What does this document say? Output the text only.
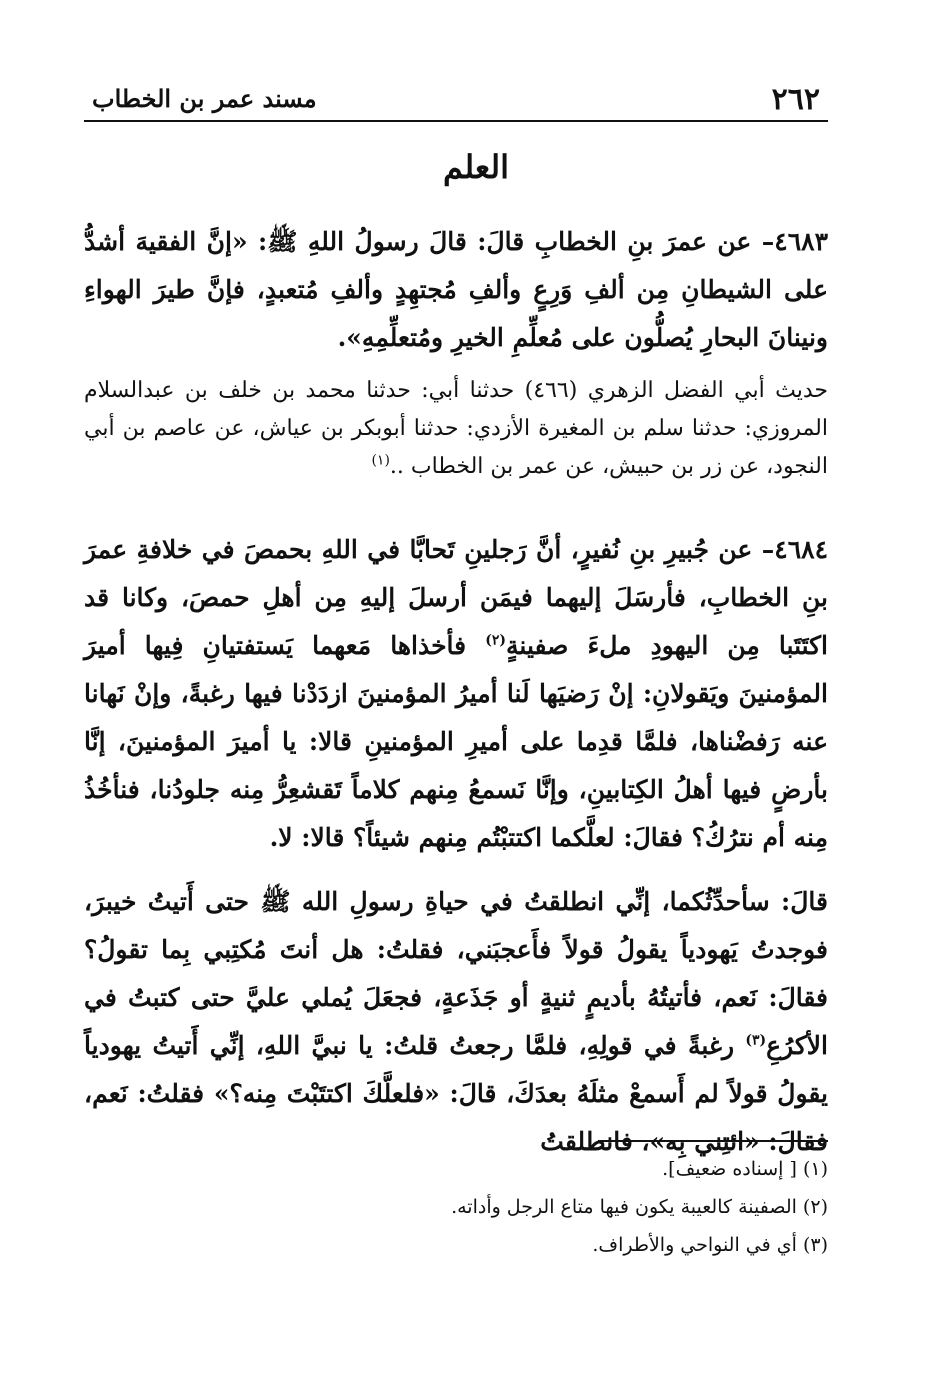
٢٦٢
مسند عمر بن الخطاب
العلم
٤٦٨٣– عن عمرَ بنِ الخطابِ قالَ: قالَ رسولُ اللهِ ﷺ: «إنَّ الفقيهَ أشدُّ على الشيطانِ مِن ألفِ وَرِعٍ وألفِ مُجتهِدٍ وألفِ مُتعبدٍ، فإنَّ طيرَ الهواءِ ونينانَ البحارِ يُصلُّون على مُعلِّمِ الخيرِ ومُتعلِّمِهِ».
حديث أبي الفضل الزهري (٤٦٦) حدثنا أبي: حدثنا محمد بن خلف بن عبدالسلام المروزي: حدثنا سلم بن المغيرة الأزدي: حدثنا أبوبكر بن عياش، عن عاصم بن أبي النجود، عن زر بن حبيش، عن عمر بن الخطاب ..$^{(١)}$
٤٦٨٤– عن جُبيرِ بنِ نُفيرٍ، أنَّ رَجلينِ تَحابَّا في اللهِ بحمصَ في خلافةِ عمرَ بنِ الخطابِ، فأرسَلَ إليهما فيمَن أرسلَ إليهِ مِن أهلِ حمصَ، وكانا قد اكتَتَبا مِن اليهودِ ملءَ صفينةٍ$^{(٢)}$ فأخذاها مَعهما يَستفتيانِ فِيها أميرَ المؤمنينَ ويَقولانِ: إنْ رَضيَها لَنا أميرُ المؤمنينَ ازدَدْنا فيها رغبةً، وإنْ نَهانا عنه رَفضْناها، فلمَّا قدِما على أميرِ المؤمنينِ قالا: يا أميرَ المؤمنينَ، إنَّا بأرضٍ فيها أهلُ الكِتابينِ، وإنَّا نَسمعُ مِنهم كلاماً تَقشعِرُّ مِنه جلودُنا، فنأخُذُ مِنه أم نترُكُ؟ فقالَ: لعلَّكما اكتتبْتُم مِنهم شيئاً؟ قالا: لا.
قالَ: سأحدِّثُكما، إنِّي انطلقتُ في حياةِ رسولِ الله ﷺ حتى أَتيتُ خيبرَ، فوجدتُ يَهودياً يقولُ قولاً فأَعجبَني، فقلتُ: هل أنتَ مُكتِبي بِما تقولُ؟ فقالَ: نَعم، فأتيتُهُ بأديمٍ ثنيةٍ أو جَذَعةٍ، فجعَلَ يُملي عليَّ حتى كتبتُ في الأكرُعِ$^{(٣)}$ رغبةً في قولِهِ، فلمَّا رجعتُ قلتُ: يا نبيَّ اللهِ، إنِّي أَتيتُ يهودياً يقولُ قولاً لم أَسمعْ مثلَهُ بعدَكَ، قالَ: «فلعلَّكَ اكتتَبْتَ مِنه؟» فقلتُ: نَعم، فقالَ: «ائتِني بِه»، فانطلقتُ
(١) [ إسناده ضعيف].
(٢) الصفينة كالعيبة يكون فيها متاع الرجل وأداته.
(٣) أي في النواحي والأطراف.
